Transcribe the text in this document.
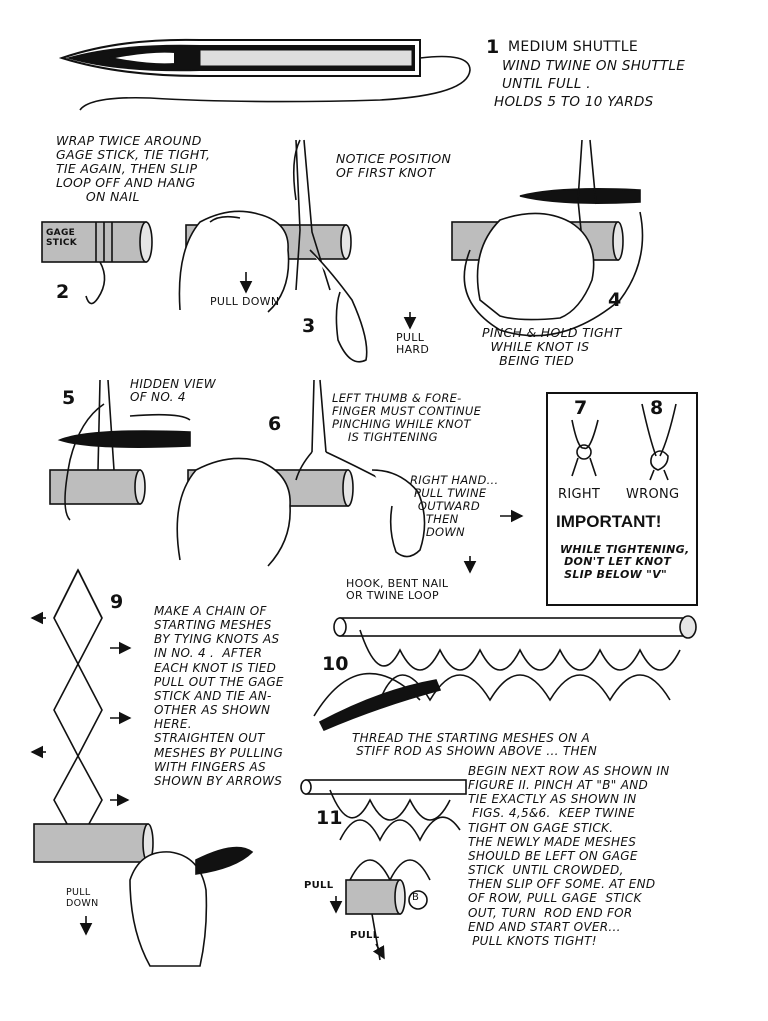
1 MEDIUM SHUTTLE
WIND TWINE ON SHUTTLE
UNTIL FULL .
HOLDS 5 TO 10 YARDS
WRAP TWICE AROUND
GAGE STICK, TIE TIGHT,
TIE AGAIN, THEN SLIP
LOOP OFF AND HANG
ON NAIL
GAGE
STICK
2
NOTICE POSITION
OF FIRST KNOT
PULL DOWN
3
PULL
HARD
4
PINCH & HOLD TIGHT
WHILE KNOT IS
BEING TIED
5
HIDDEN VIEW
OF NO. 4
6
LEFT THUMB & FORE-
FINGER MUST CONTINUE
PINCHING WHILE KNOT
IS TIGHTENING
RIGHT HAND...
PULL TWINE
OUTWARD
THEN
DOWN
7	8
RIGHT WRONG
IMPORTANT!
WHILE TIGHTENING,
DON'T LET KNOT
SLIP BELOW "V"
9	MAKE A CHAIN OF
STARTING MESHES
BY TYING KNOTS AS
IN NO. 4 .  AFTER
EACH KNOT IS TIED
PULL OUT THE GAGE
STICK AND TIE AN-
OTHER AS SHOWN
HERE.
STRAIGHTEN OUT
MESHES BY PULLING
WITH FINGERS AS
SHOWN BY ARROWS
PULL
DOWN
HOOK, BENT NAIL
OR TWINE LOOP
10
11
PULL
B
PULL
THREAD THE STARTING MESHES ON A
STIFF ROD AS SHOWN ABOVE ... THEN
BEGIN NEXT ROW AS SHOWN IN
FIGURE II. PINCH AT "B" AND
TIE EXACTLY AS SHOWN IN
FIGS. 4,5&6.  KEEP TWINE
TIGHT ON GAGE STICK.
THE NEWLY MADE MESHES
SHOULD BE LEFT ON GAGE
STICK  UNTIL CROWDED,
THEN SLIP OFF SOME. AT END
OF ROW, PULL GAGE  STICK
OUT, TURN  ROD END FOR
END AND START OVER...
PULL KNOTS TIGHT!
